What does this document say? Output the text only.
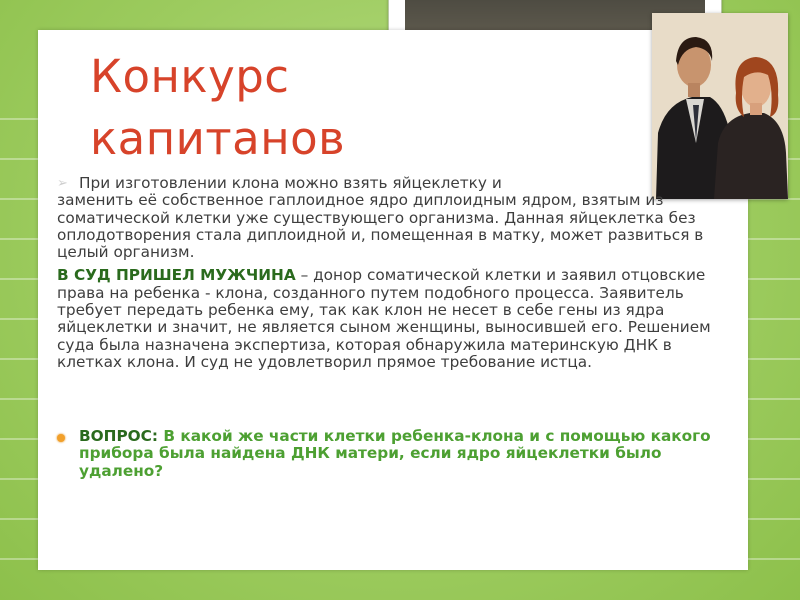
Конкурс
капитанов
➢ При изготовлении клона можно взять яйцеклетку и
заменить её собственное гаплоидное ядро диплоидным ядром, взятым из соматической клетки уже существующего организма. Данная яйцеклетка без оплодотворения стала диплоидной и, помещенная в матку, может развиться в целый организм.
В СУД ПРИШЕЛ МУЖЧИНА – донор соматической клетки и заявил отцовские права на ребенка - клона, созданного путем подобного процесса. Заявитель требует передать ребенка ему, так как клон не несет в себе гены из ядра яйцеклетки и значит, не является сыном женщины, выносившей его. Решением суда была назначена экспертиза, которая обнаружила материнскую ДНК в клетках клона. И суд не удовлетворил прямое требование истца.
ВОПРОС: В какой же части клетки ребенка-клона и с помощью какого прибора была найдена ДНК матери, если ядро яйцеклетки было удалено?
